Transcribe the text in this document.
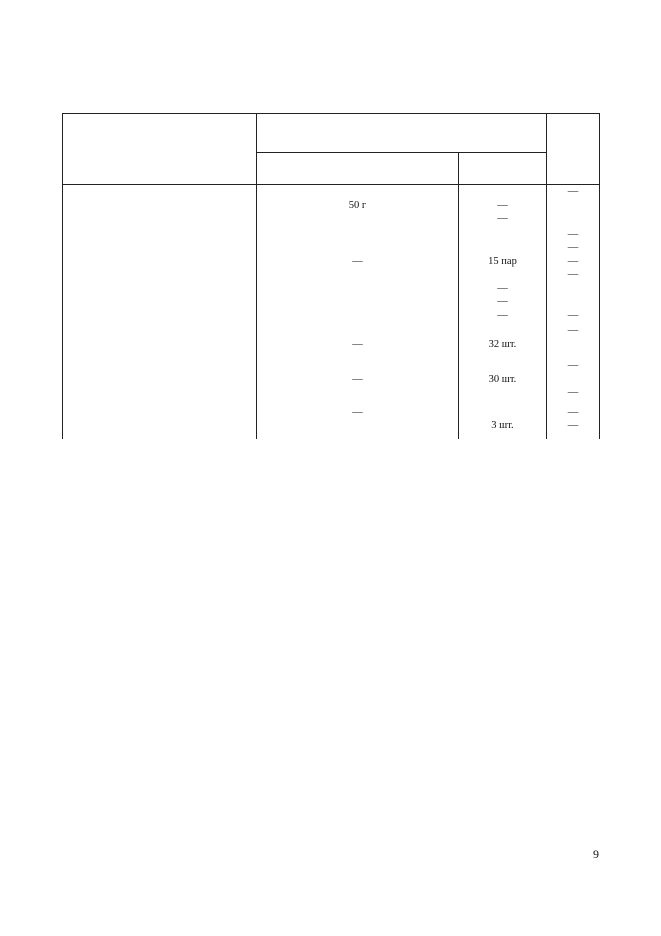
			—
	50 г	—	
		—	

			—
			—
	—	15 пар	—
			—
		—	
		—	
		—	—

			—
	—	32 шт.	

			—
	—	30 шт.	
			—

	—		—
		3 шт.	—

9
